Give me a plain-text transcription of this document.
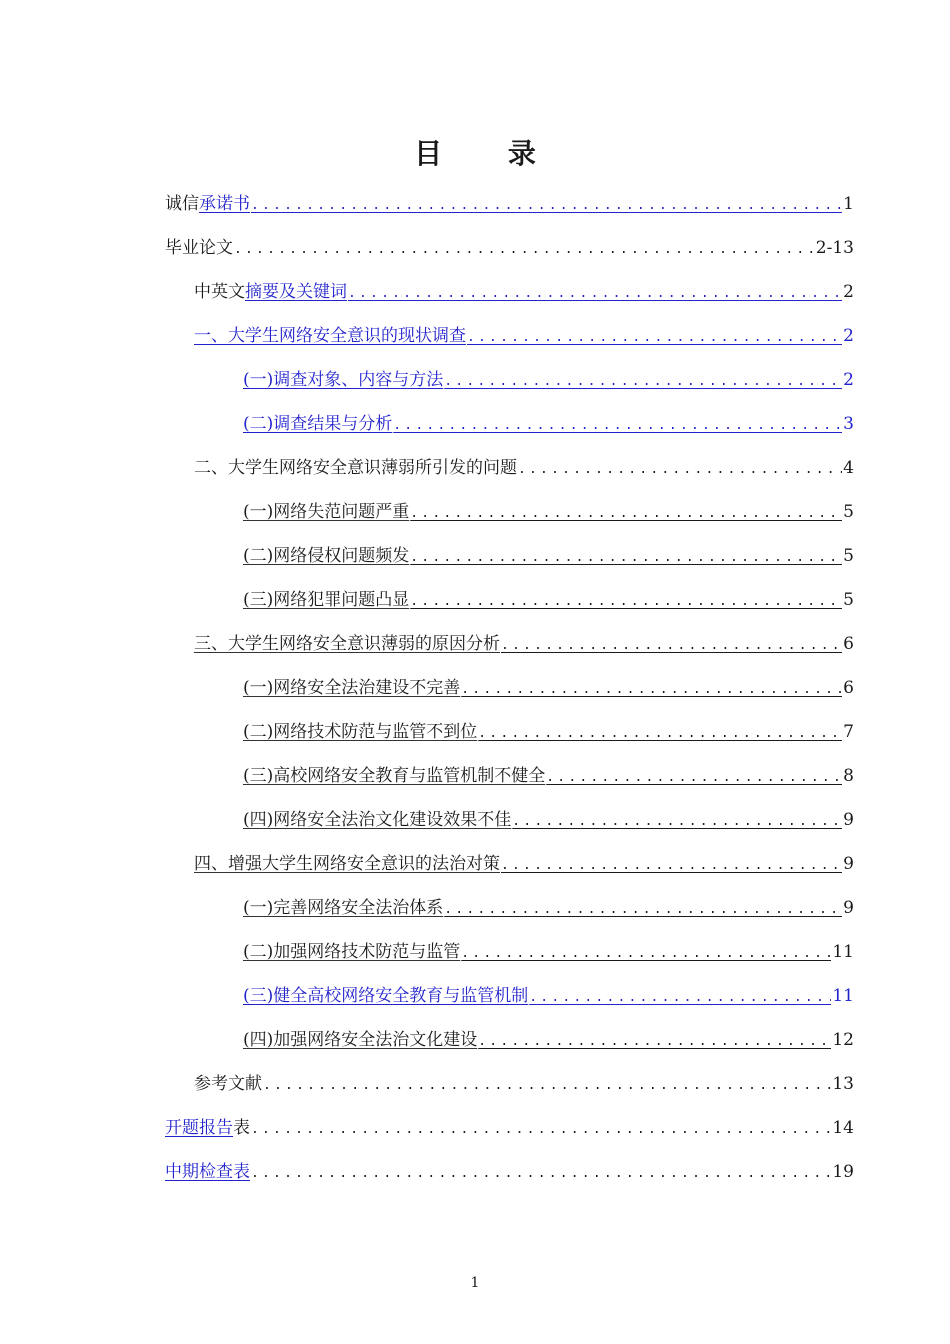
目 录
诚信 承诺书 .....	1
毕业论文 .....	2-13
中英文 摘要及关键词 .....	2
一、大学生网络安全意识的现状调查 .....	2
(一)调查对象、内容与方法 .....	2
(二)调查结果与分析 .....	3
二、大学生网络安全意识薄弱所引发的问题 .....	4
(一)网络失范问题严重 .....	5
(二)网络侵权问题频发 .....	5
(三)网络犯罪问题凸显 .....	5
三、大学生网络安全意识薄弱的原因分析 .....	6
(一)网络安全法治建设不完善 .....	6
(二)网络技术防范与监管不到位 .....	7
(三)高校网络安全教育与监管机制不健全 .....	8
(四)网络安全法治文化建设效果不佳 .....	9
四、增强大学生网络安全意识的法治对策 .....	9
(一)完善网络安全法治体系 .....	9
(二)加强网络技术防范与监管 .....	11
(三)健全高校网络安全教育与监管机制 .....	11
(四)加强网络安全法治文化建设 .....	12
参考文献 .....	13
开题报告 表 .....	14
中期检查表 .....	19
1
